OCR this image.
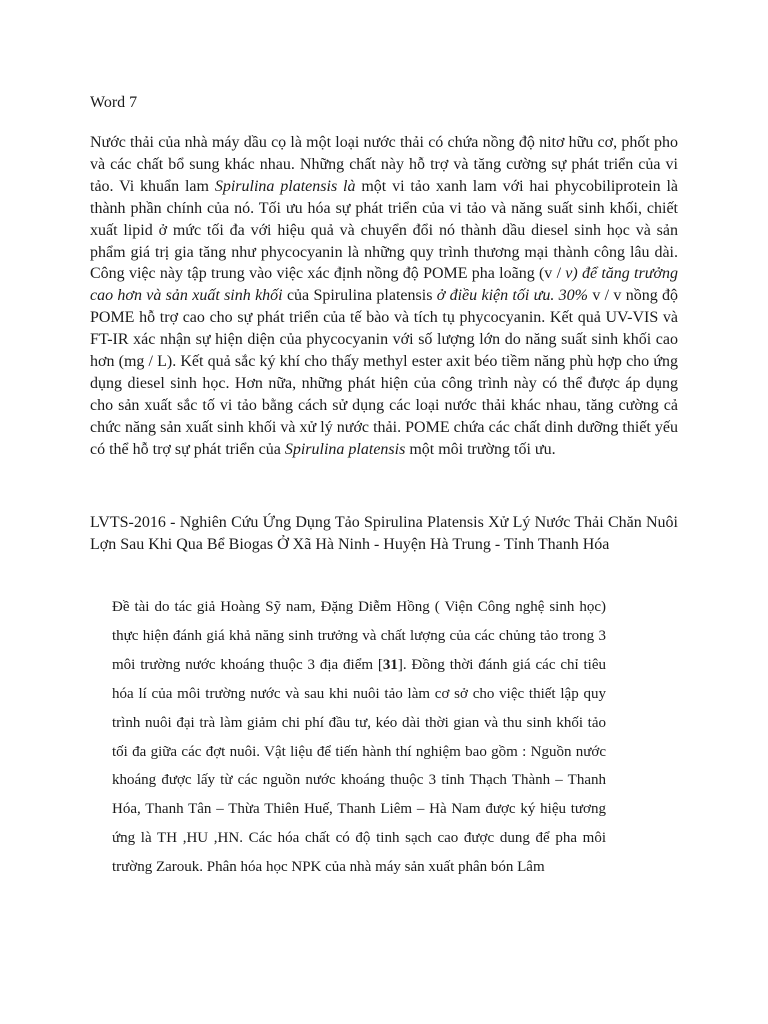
Word 7

Nước thải của nhà máy dầu cọ là một loại nước thải có chứa nồng độ nitơ hữu cơ, phốt pho và các chất bổ sung khác nhau. Những chất này hỗ trợ và tăng cường sự phát triển của vi tảo. Vi khuẩn lam Spirulina platensis là một vi tảo xanh lam với hai phycobiliprotein là thành phần chính của nó. Tối ưu hóa sự phát triển của vi tảo và năng suất sinh khối, chiết xuất lipid ở mức tối đa với hiệu quả và chuyển đổi nó thành dầu diesel sinh học và sản phẩm giá trị gia tăng như phycocyanin là những quy trình thương mại thành công lâu dài. Công việc này tập trung vào việc xác định nồng độ POME pha loãng (v / v) để tăng trưởng cao hơn và sản xuất sinh khối của Spirulina platensis ở điều kiện tối ưu. 30% v / v nồng độ POME hỗ trợ cao cho sự phát triển của tế bào và tích tụ phycocyanin. Kết quả UV-VIS và FT-IR xác nhận sự hiện diện của phycocyanin với số lượng lớn do năng suất sinh khối cao hơn (mg / L). Kết quả sắc ký khí cho thấy methyl ester axit béo tiềm năng phù hợp cho ứng dụng diesel sinh học. Hơn nữa, những phát hiện của công trình này có thể được áp dụng cho sản xuất sắc tố vi tảo bằng cách sử dụng các loại nước thải khác nhau, tăng cường cả chức năng sản xuất sinh khối và xử lý nước thải. POME chứa các chất dinh dưỡng thiết yếu có thể hỗ trợ sự phát triển của Spirulina platensis một môi trường tối ưu.

LVTS-2016 - Nghiên Cứu Ứng Dụng Tảo Spirulina Platensis Xử Lý Nước Thải Chăn Nuôi Lợn Sau Khi Qua Bể Biogas Ở Xã Hà Ninh - Huyện Hà Trung - Tỉnh Thanh Hóa

Đề tài do tác giả Hoàng Sỹ nam, Đặng Diễm Hồng ( Viện Công nghệ sinh học) thực hiện đánh giá khả năng sinh trưởng và chất lượng của các chủng tảo trong 3 môi trường nước khoáng thuộc 3 địa điểm [31]. Đồng thời đánh giá các chỉ tiêu hóa lí của môi trường nước và sau khi nuôi tảo làm cơ sở cho việc thiết lập quy trình nuôi đại trà làm giảm chi phí đầu tư, kéo dài thời gian và thu sinh khối tảo tối đa giữa các đợt nuôi. Vật liệu để tiến hành thí nghiệm bao gồm : Nguồn nước khoáng được lấy từ các nguồn nước khoáng thuộc 3 tỉnh Thạch Thành – Thanh Hóa, Thanh Tân – Thừa Thiên Huế, Thanh Liêm – Hà Nam được ký hiệu tương ứng là TH ,HU ,HN. Các hóa chất có độ tinh sạch cao được dung để pha môi trường Zarouk. Phân hóa học NPK của nhà máy sản xuất phân bón Lâm
